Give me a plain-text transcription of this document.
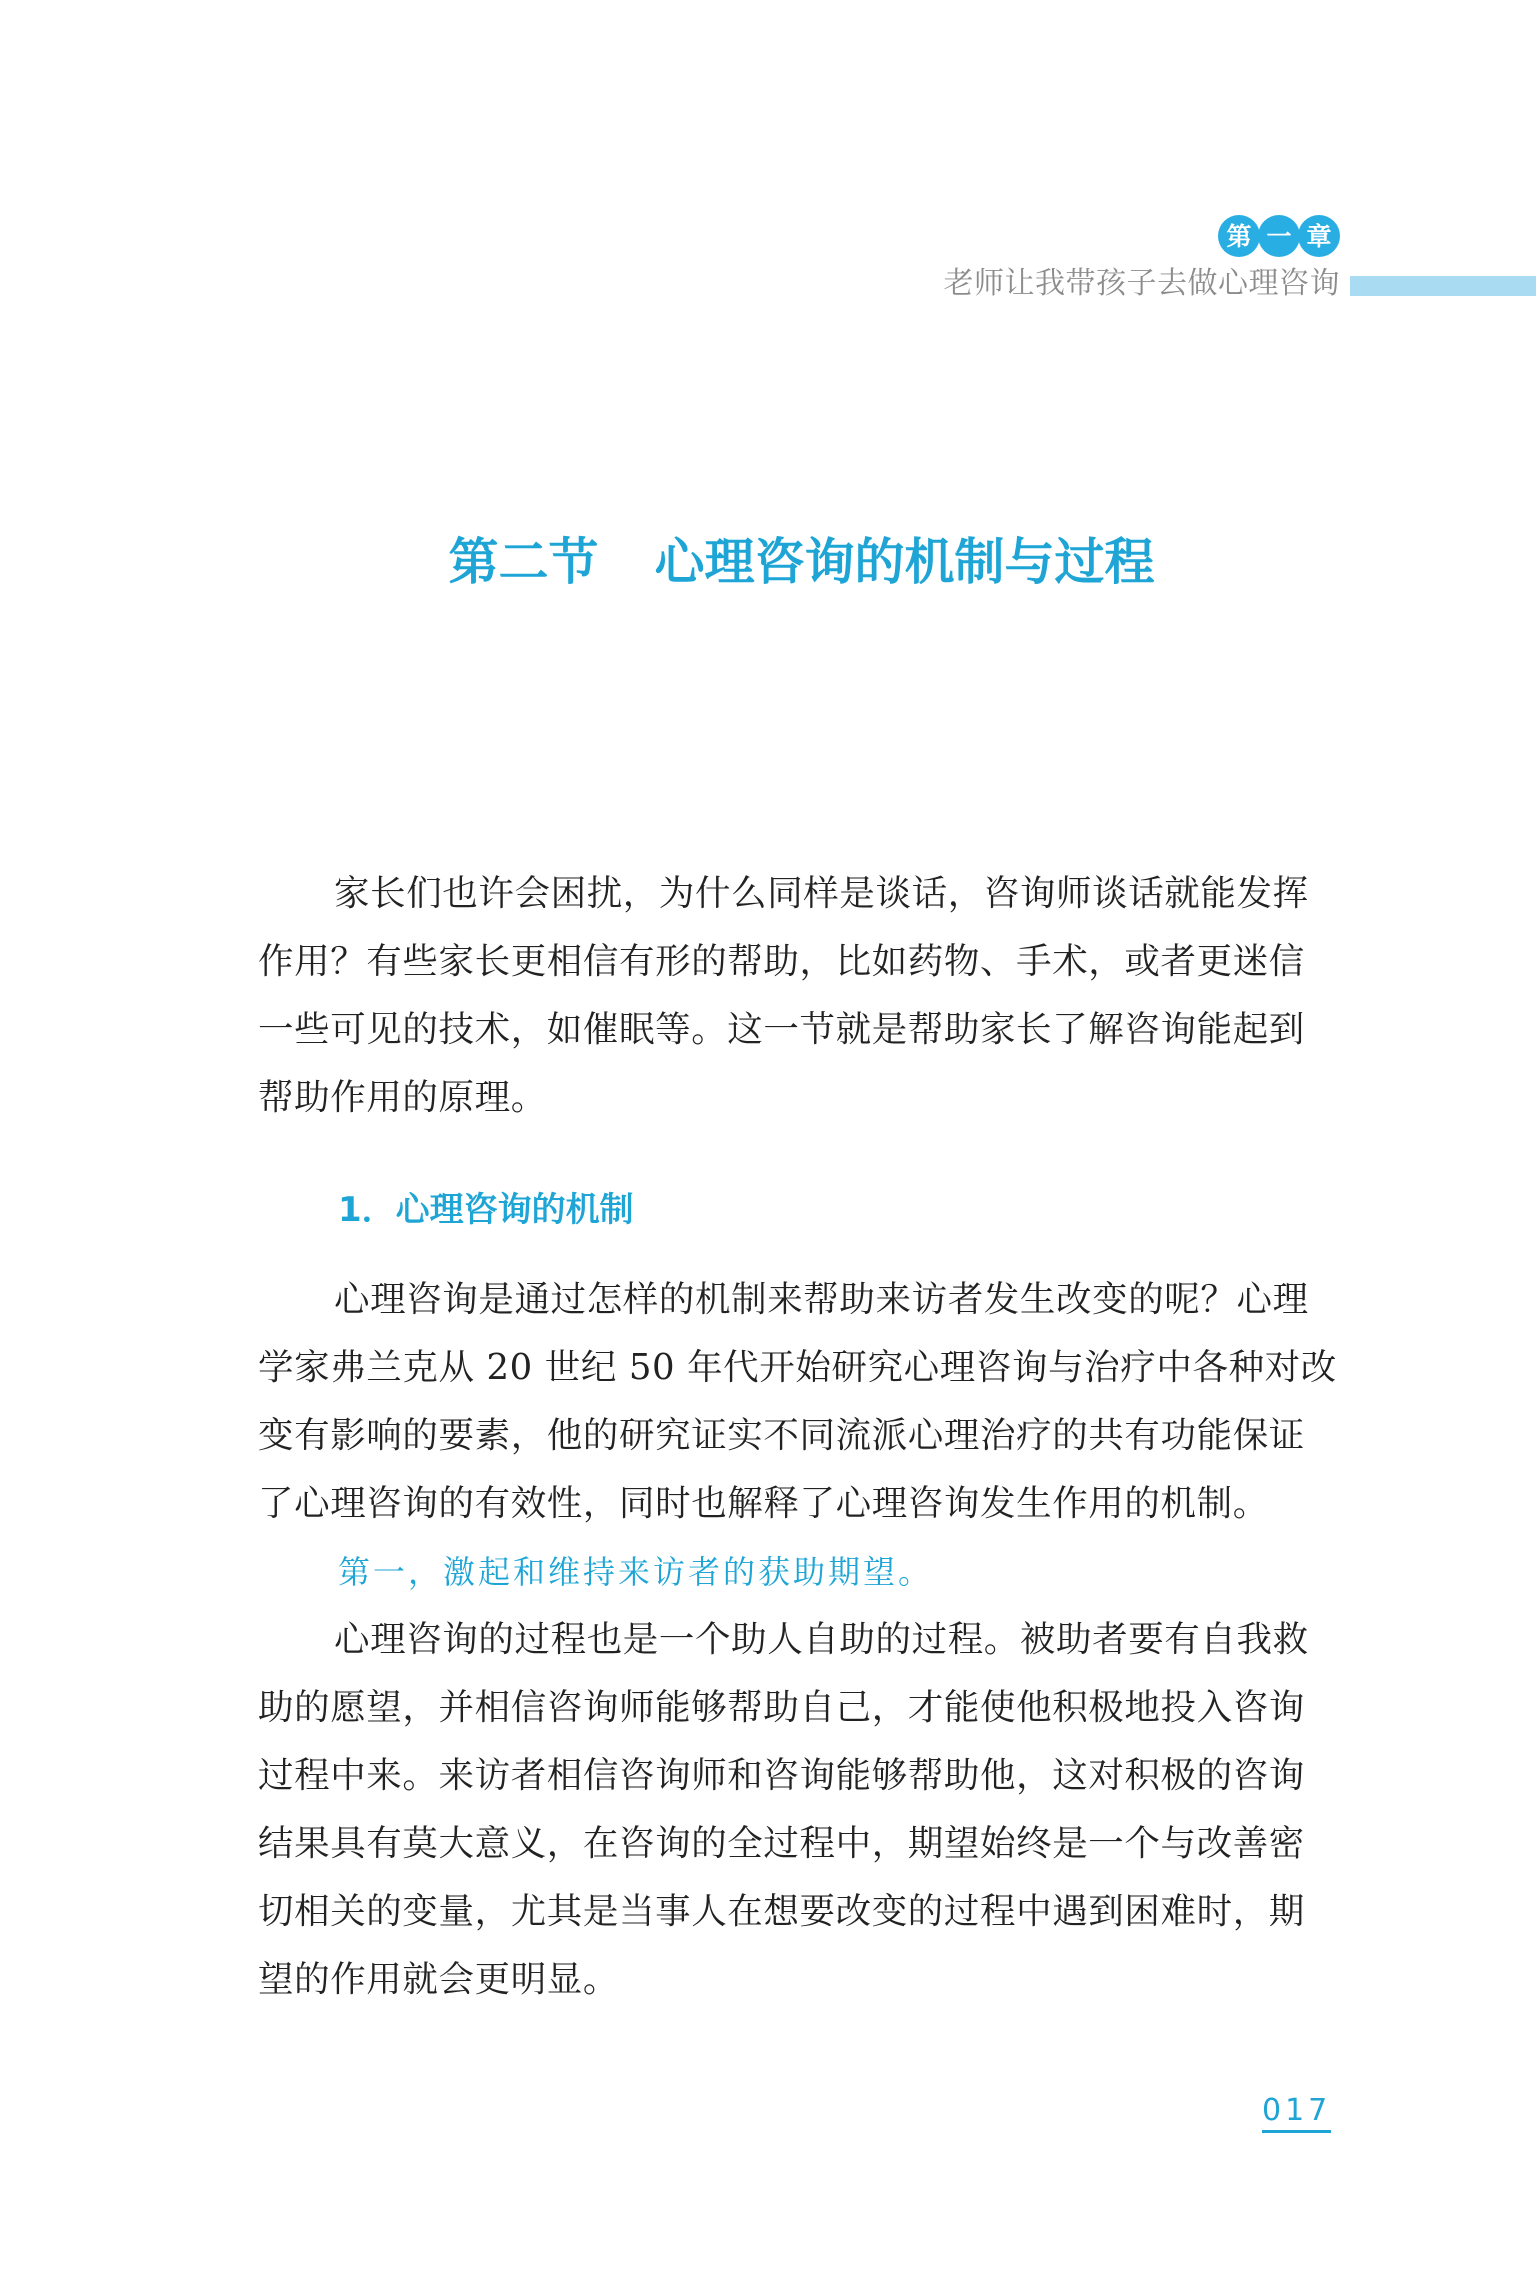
第 一 章
老师让我带孩子去做心理咨询
第二节 心理咨询的机制与过程

家长们也许会困扰，为什么同样是谈话，咨询师谈话就能发挥
作用？有些家长更相信有形的帮助，比如药物、手术，或者更迷信
一些可见的技术，如催眠等。这一节就是帮助家长了解咨询能起到
帮助作用的原理。

1．心理咨询的机制

心理咨询是通过怎样的机制来帮助来访者发生改变的呢？心理
学家弗兰克从 20 世纪 50 年代开始研究心理咨询与治疗中各种对改
变有影响的要素，他的研究证实不同流派心理治疗的共有功能保证
了心理咨询的有效性，同时也解释了心理咨询发生作用的机制。

第一，激起和维持来访者的获助期望。

心理咨询的过程也是一个助人自助的过程。被助者要有自我救
助的愿望，并相信咨询师能够帮助自己，才能使他积极地投入咨询
过程中来。来访者相信咨询师和咨询能够帮助他，这对积极的咨询
结果具有莫大意义，在咨询的全过程中，期望始终是一个与改善密
切相关的变量，尤其是当事人在想要改变的过程中遇到困难时，期
望的作用就会更明显。

017
